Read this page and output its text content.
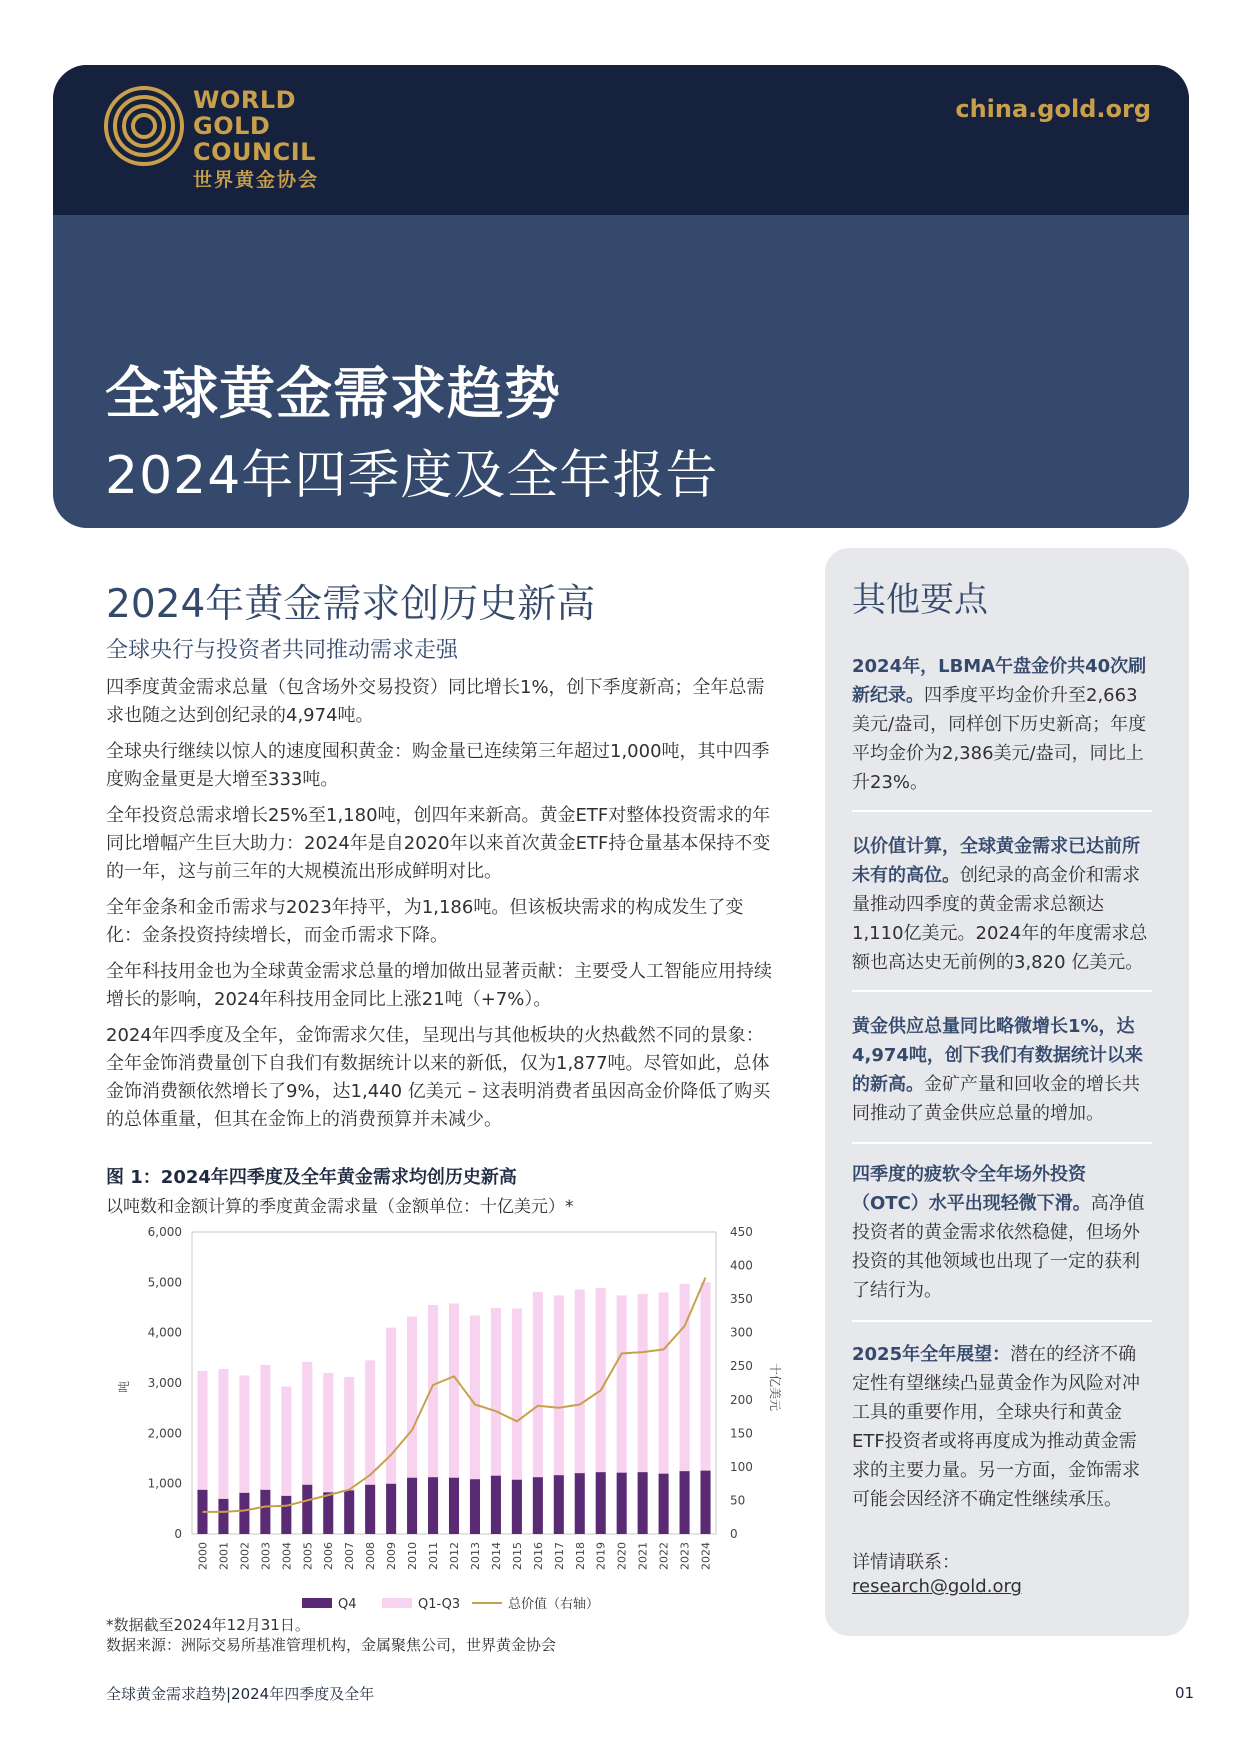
WORLD
GOLD
COUNCIL
世界黄金协会
china.gold.org
全球黄金需求趋势
2024年四季度及全年报告
2024年黄金需求创历史新高
全球央行与投资者共同推动需求走强

四季度黄金需求总量（包含场外交易投资）同比增长1%，创下季度新高；全年总需求也随之达到创纪录的4,974吨。

全球央行继续以惊人的速度囤积黄金：购金量已连续第三年超过1,000吨，其中四季度购金量更是大增至333吨。

全年投资总需求增长25%至1,180吨，创四年来新高。黄金ETF对整体投资需求的年同比增幅产生巨大助力：2024年是自2020年以来首次黄金ETF持仓量基本保持不变的一年，这与前三年的大规模流出形成鲜明对比。

全年金条和金币需求与2023年持平，为1,186吨。但该板块需求的构成发生了变化：金条投资持续增长，而金币需求下降。

全年科技用金也为全球黄金需求总量的增加做出显著贡献：主要受人工智能应用持续增长的影响，2024年科技用金同比上涨21吨（+7%）。

2024年四季度及全年，金饰需求欠佳，呈现出与其他板块的火热截然不同的景象：全年金饰消费量创下自我们有数据统计以来的新低，仅为1,877吨。尽管如此，总体金饰消费额依然增长了9%，达1,440 亿美元 – 这表明消费者虽因高金价降低了购买的总体重量，但其在金饰上的消费预算并未减少。

图 1：2024年四季度及全年黄金需求均创历史新高
以吨数和金额计算的季度黄金需求量（金额单位：十亿美元）*
0
1,000
2,000
3,000
4,000
5,000
6,000
0
50
100
150
200
250
300
350
400
450
2000 2001 2002 2003 2004 2005 2006 2007 2008 2009 2010 2011 2012 2013 2014 2015 2016 2017 2018 2019 2020 2021 2022 2023 2024
吨	十亿美元
Q4	Q1-Q3	总价值（右轴）
*数据截至2024年12月31日。
数据来源：洲际交易所基准管理机构，金属聚焦公司，世界黄金协会
其他要点

2024年，LBMA午盘金价共40次刷新纪录。四季度平均金价升至2,663美元/盎司，同样创下历史新高；年度平均金价为2,386美元/盎司，同比上升23%。

以价值计算，全球黄金需求已达前所未有的高位。创纪录的高金价和需求量推动四季度的黄金需求总额达1,110亿美元。2024年的年度需求总额也高达史无前例的3,820 亿美元。

黄金供应总量同比略微增长1%，达4,974吨，创下我们有数据统计以来的新高。金矿产量和回收金的增长共同推动了黄金供应总量的增加。

四季度的疲软令全年场外投资（OTC）水平出现轻微下滑。高净值投资者的黄金需求依然稳健，但场外投资的其他领域也出现了一定的获利了结行为。

2025年全年展望：潜在的经济不确定性有望继续凸显黄金作为风险对冲工具的重要作用，全球央行和黄金ETF投资者或将再度成为推动黄金需求的主要力量。另一方面，金饰需求可能会因经济不确定性继续承压。

详情请联系：
research@gold.org
全球黄金需求趋势|2024年四季度及全年	01
